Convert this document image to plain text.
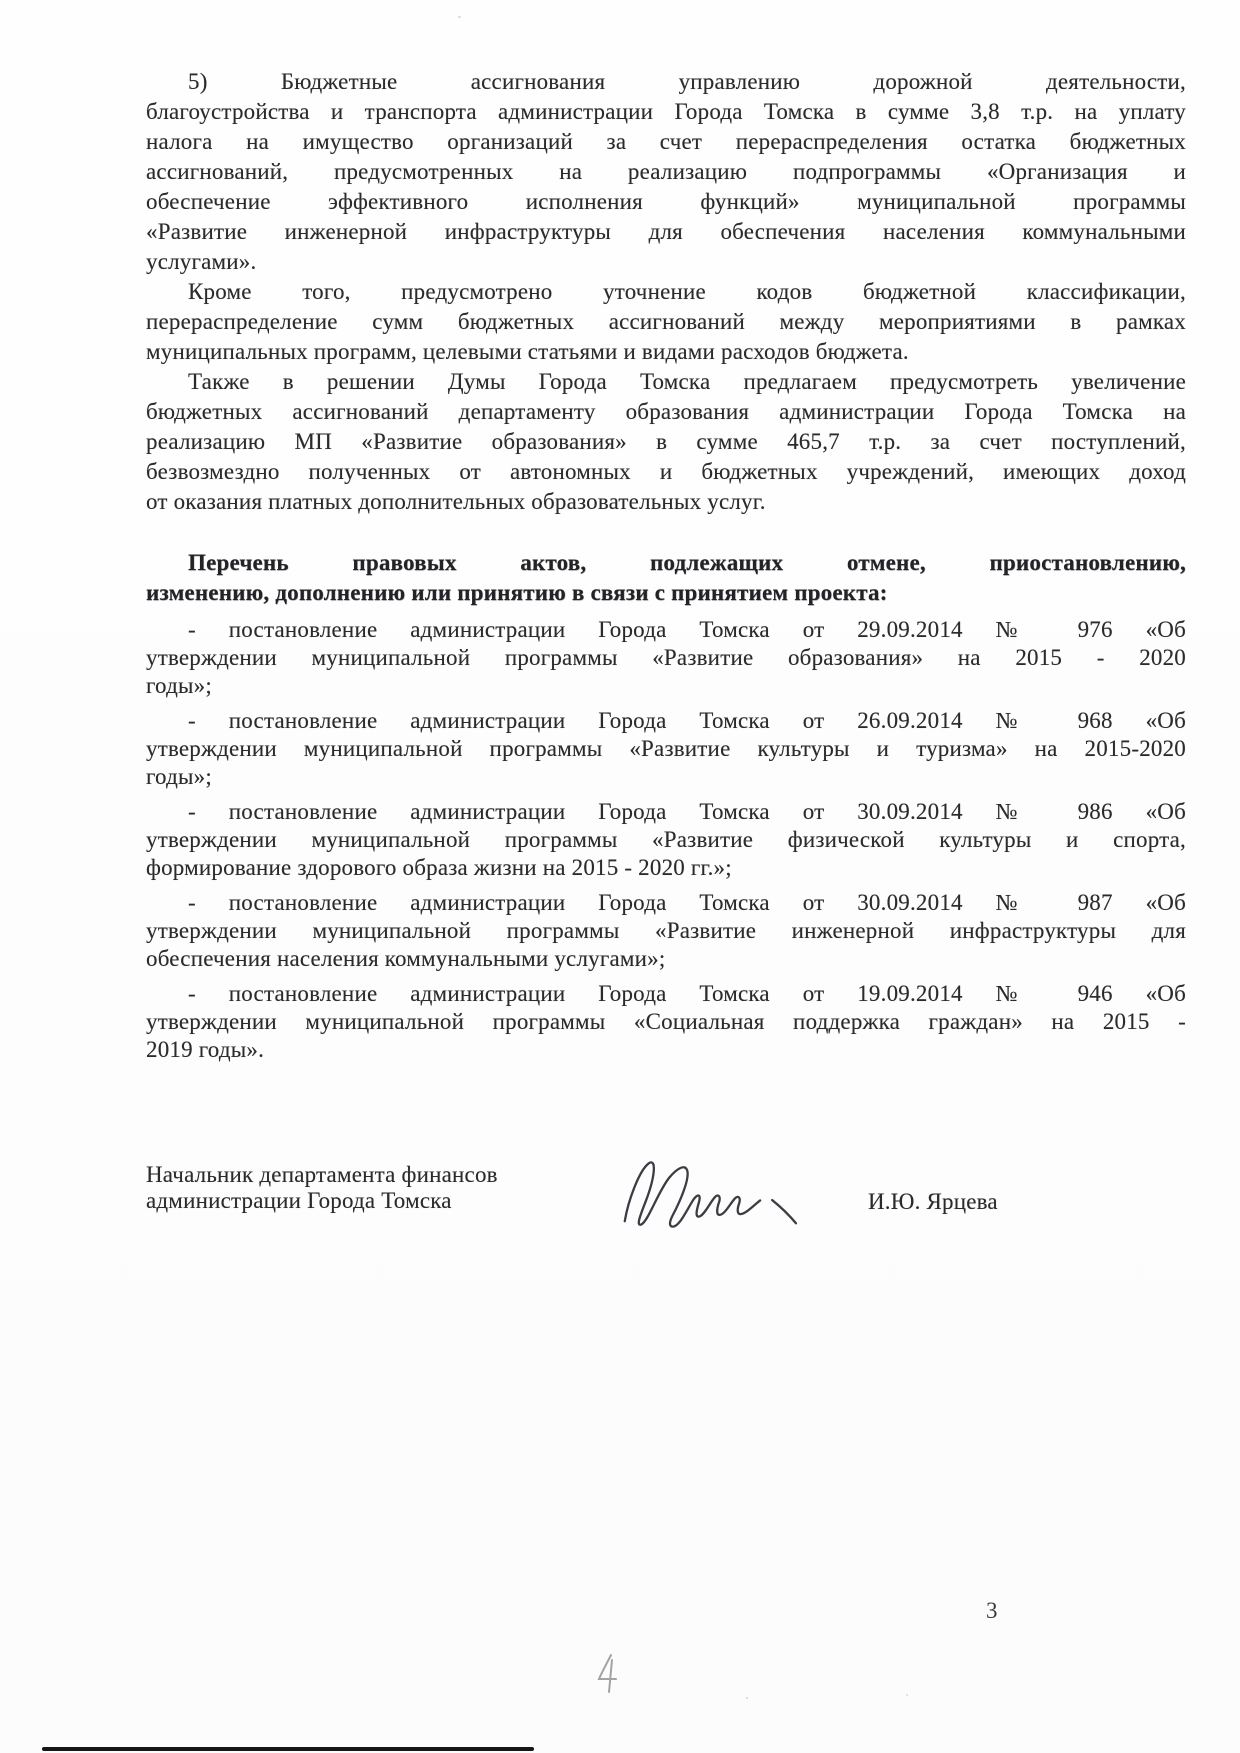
5) Бюджетные ассигнования управлению дорожной деятельности,
благоустройства и транспорта администрации Города Томска в сумме 3,8 т.р. на уплату
налога на имущество организаций за счет перераспределения остатка бюджетных
ассигнований, предусмотренных на реализацию подпрограммы «Организация и
обеспечение эффективного исполнения функций» муниципальной программы
«Развитие инженерной инфраструктуры для обеспечения населения коммунальными
услугами».
Кроме того, предусмотрено уточнение кодов бюджетной классификации,
перераспределение сумм бюджетных ассигнований между мероприятиями в рамках
муниципальных программ, целевыми статьями и видами расходов бюджета.
Также в решении Думы Города Томска предлагаем предусмотреть увеличение
бюджетных ассигнований департаменту образования администрации Города Томска на
реализацию МП «Развитие образования» в сумме 465,7 т.р. за счет поступлений,
безвозмездно полученных от автономных и бюджетных учреждений, имеющих доход
от оказания платных дополнительных образовательных услуг.
Перечень правовых актов, подлежащих отмене, приостановлению,
изменению, дополнению или принятию в связи с принятием проекта:
- постановление администрации Города Томска от 29.09.2014 № 976 «Об
утверждении муниципальной программы «Развитие образования» на 2015 - 2020
годы»;
- постановление администрации Города Томска от 26.09.2014 № 968 «Об
утверждении муниципальной программы «Развитие культуры и туризма» на 2015-2020
годы»;
- постановление администрации Города Томска от 30.09.2014 № 986 «Об
утверждении муниципальной программы «Развитие физической культуры и спорта,
формирование здорового образа жизни на 2015 - 2020 гг.»;
- постановление администрации Города Томска от 30.09.2014 № 987 «Об
утверждении муниципальной программы «Развитие инженерной инфраструктуры для
обеспечения населения коммунальными услугами»;
- постановление администрации Города Томска от 19.09.2014 № 946 «Об
утверждении муниципальной программы «Социальная поддержка граждан» на 2015 -
2019 годы».
Начальник департамента финансов
администрации Города Томска	И.Ю. Ярцева
3
